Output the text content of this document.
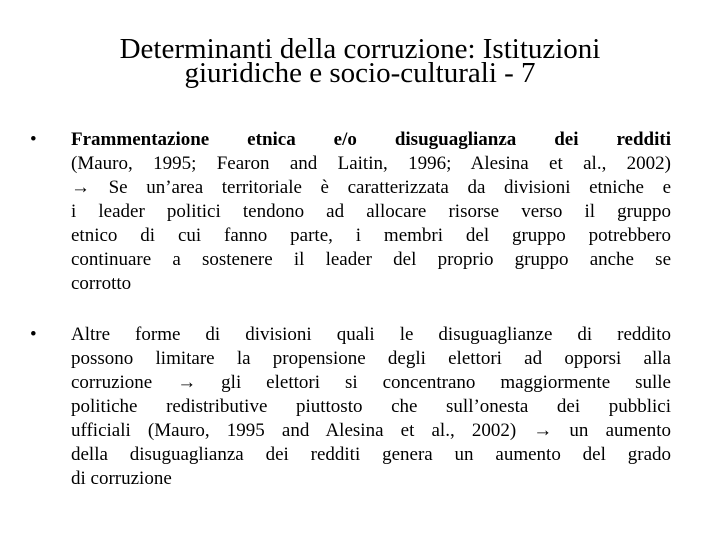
Determinanti della corruzione: Istituzioni
giuridiche e socio-culturali - 7
•	Frammentazione etnica e/o disuguaglianza dei redditi
(Mauro, 1995; Fearon and Laitin, 1996; Alesina et al., 2002)
→ Se un’area territoriale è caratterizzata da divisioni etniche e
i leader politici tendono ad allocare risorse verso il gruppo
etnico di cui fanno parte, i membri del gruppo potrebbero
continuare a sostenere il leader del proprio gruppo anche se
corrotto
•	Altre forme di divisioni quali le disuguaglianze di reddito
possono limitare la propensione degli elettori ad opporsi alla
corruzione → gli elettori si concentrano maggiormente sulle
politiche redistributive piuttosto che sull’onesta dei pubblici
ufficiali (Mauro, 1995 and Alesina et al., 2002) → un aumento
della disuguaglianza dei redditi genera un aumento del grado
di corruzione
